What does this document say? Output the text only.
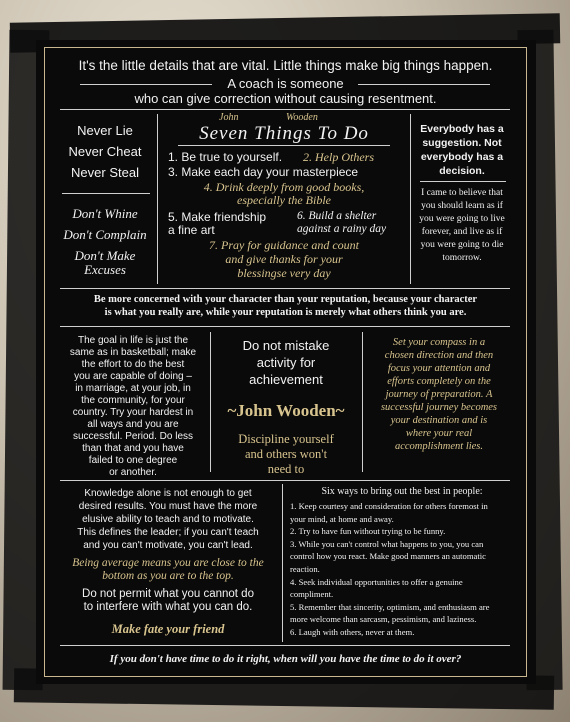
It's the little details that are vital. Little things make big things happen.
A coach is someone
who can give correction without causing resentment.
Never Lie
Never Cheat
Never Steal
Don't Whine
Don't Complain
Don't Make
Excuses
John	Wooden
Seven Things To Do
1. Be true to yourself. 2. Help Others
3. Make each day your masterpiece
4. Drink deeply from good books,
especially the Bible
5. Make friendship
a fine art
6. Build a shelter
against a rainy day
7. Pray for guidance and count
and give thanks for your
blessingse very day
Everybody has a
suggestion. Not
everybody has a
decision.
I came to believe that
you should learn as if
you were going to live
forever, and live as if
you were going to die
tomorrow.
Be more concerned with your character than your reputation, because your character
is what you really are, while your reputation is merely what others think you are.
The goal in life is just the
same as in basketball; make
the effort to do the best
you are capable of doing –
in marriage, at your job, in
the community, for your
country. Try your hardest in
all ways and you are
successful. Period. Do less
than that and you have
failed to one degree
or another.
Do not mistake
activity for
achievement
~John Wooden~
Discipline yourself
and others won't
need to
Set your compass in a
chosen direction and then
focus your attention and
efforts completely on the
journey of preparation. A
successful journey becomes
your destination and is
where your real
accomplishment lies.
Knowledge alone is not enough to get
desired results. You must have the more
elusive ability to teach and to motivate.
This defines the leader; if you can't teach
and you can't motivate, you can't lead.
Being average means you are close to the
bottom as you are to the top.
Do not permit what you cannot do
to interfere with what you can do.
Make fate your friend
Six ways to bring out the best in people:
1. Keep courtesy and consideration for others foremost in
your mind, at home and away.
2. Try to have fun without trying to be funny.
3. While you can't control what happens to you, you can
control how you react. Make good manners an automatic
reaction.
4. Seek individual opportunities to offer a genuine
compliment.
5. Remember that sincerity, optimism, and enthusiasm are
more welcome than sarcasm, pessimism, and laziness.
6. Laugh with others, never at them.
If you don't have time to do it right, when will you have the time to do it over?
